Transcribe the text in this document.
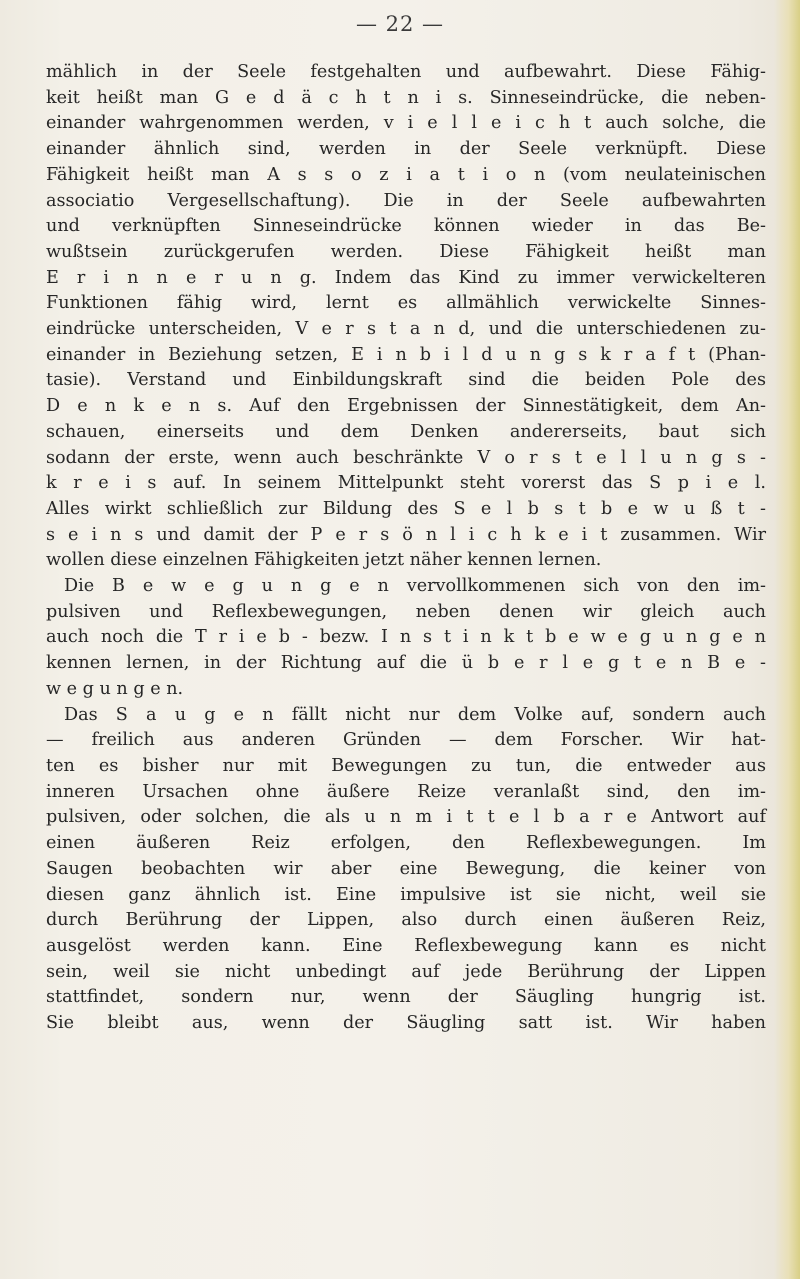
— 22 —
mählich in der Seele festgehalten und aufbewahrt. Diese Fähig-
keit heißt man G e d ä c h t n i s. Sinneseindrücke, die neben-
einander wahrgenommen werden, v i e l l e i c h t auch solche, die
einander ähnlich sind, werden in der Seele verknüpft. Diese
Fähigkeit heißt man A s s o z i a t i o n (vom neulateinischen
associatio Vergesellschaftung). Die in der Seele aufbewahrten
und verknüpften Sinneseindrücke können wieder in das Be-
wußtsein zurückgerufen werden. Diese Fähigkeit heißt man
E r i n n e r u n g. Indem das Kind zu immer verwickelteren
Funktionen fähig wird, lernt es allmählich verwickelte Sinnes-
eindrücke unterscheiden, V e r s t a n d, und die unterschiedenen zu-
einander in Beziehung setzen, E i n b i l d u n g s k r a f t (Phan-
tasie). Verstand und Einbildungskraft sind die beiden Pole des
D e n k e n s. Auf den Ergebnissen der Sinnestätigkeit, dem An-
schauen, einerseits und dem Denken andererseits, baut sich
sodann der erste, wenn auch beschränkte V o r s t e l l u n g s -
k r e i s auf. In seinem Mittelpunkt steht vorerst das S p i e l.
Alles wirkt schließlich zur Bildung des S e l b s t b e w u ß t -
s e i n s und damit der P e r s ö n l i c h k e i t zusammen. Wir
wollen diese einzelnen Fähigkeiten jetzt näher kennen lernen.
Die B e w e g u n g e n vervollkommenen sich von den im-
pulsiven und Reflexbewegungen, neben denen wir gleich auch
auch noch die T r i e b - bezw. I n s t i n k t b e w e g u n g e n
kennen lernen, in der Richtung auf die ü b e r l e g t e n B e -
w e g u n g e n.
Das S a u g e n fällt nicht nur dem Volke auf, sondern auch
— freilich aus anderen Gründen — dem Forscher. Wir hat-
ten es bisher nur mit Bewegungen zu tun, die entweder aus
inneren Ursachen ohne äußere Reize veranlaßt sind, den im-
pulsiven, oder solchen, die als u n m i t t e l b a r e Antwort auf
einen äußeren Reiz erfolgen, den Reflexbewegungen. Im
Saugen beobachten wir aber eine Bewegung, die keiner von
diesen ganz ähnlich ist. Eine impulsive ist sie nicht, weil sie
durch Berührung der Lippen, also durch einen äußeren Reiz,
ausgelöst werden kann. Eine Reflexbewegung kann es nicht
sein, weil sie nicht unbedingt auf jede Berührung der Lippen
stattfindet, sondern nur, wenn der Säugling hungrig ist.
Sie bleibt aus, wenn der Säugling satt ist. Wir haben
